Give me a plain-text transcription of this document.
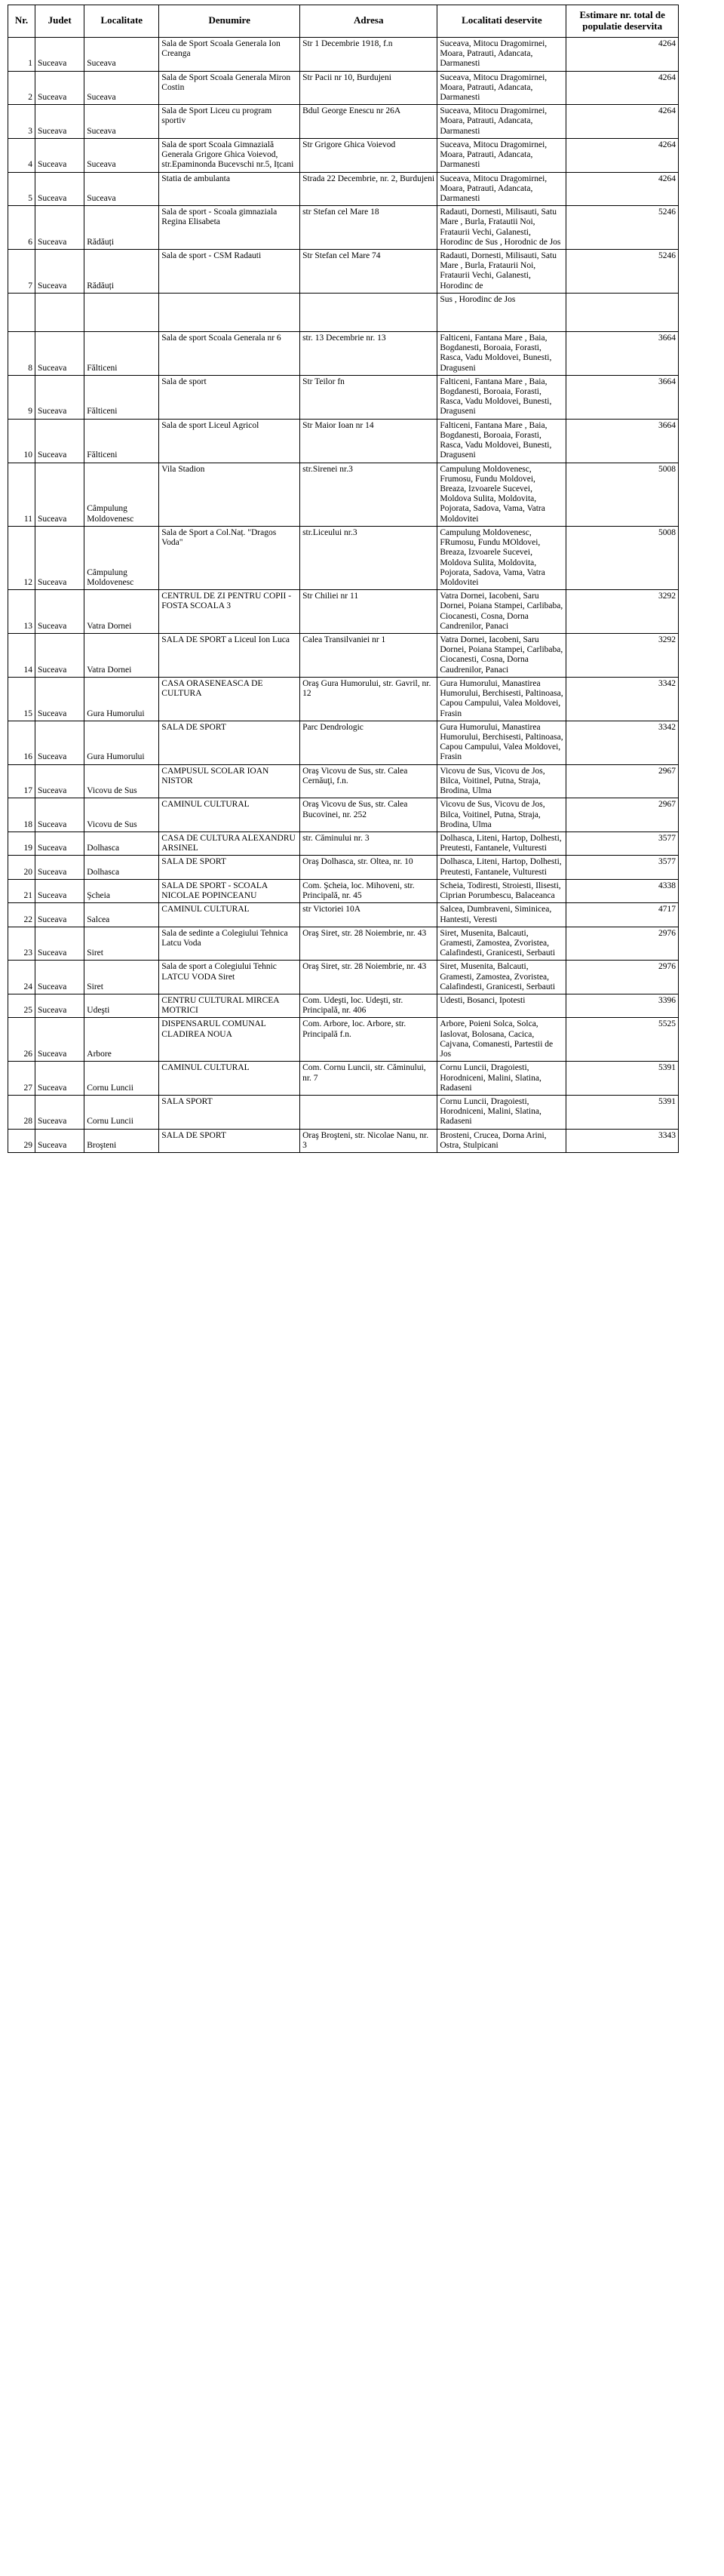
Nr.	Judet	Localitate	Denumire	Adresa	Localitati deservite	Estimare nr. total de populatie deservita
1	Suceava	Suceava	Sala de Sport Scoala Generala Ion Creanga	Str 1 Decembrie 1918, f.n	Suceava, Mitocu Dragomirnei, Moara, Patrauti, Adancata, Darmanesti	4264
2	Suceava	Suceava	Sala de Sport Scoala Generala Miron Costin	Str Pacii nr 10, Burdujeni	Suceava, Mitocu Dragomirnei, Moara, Patrauti, Adancata, Darmanesti	4264
3	Suceava	Suceava	Sala de Sport Liceu cu program sportiv	Bdul George Enescu nr 26A	Suceava, Mitocu Dragomirnei, Moara, Patrauti, Adancata, Darmanesti	4264
4	Suceava	Suceava	Sala de sport Scoala Gimnazială Generala Grigore Ghica Voievod, str.Epaminonda Bucevschi nr.5, Ițcani	Str Grigore Ghica Voievod	Suceava, Mitocu Dragomirnei, Moara, Patrauti, Adancata, Darmanesti	4264
5	Suceava	Suceava	Statia de ambulanta	Strada 22 Decembrie, nr. 2, Burdujeni	Suceava, Mitocu Dragomirnei, Moara, Patrauti, Adancata, Darmanesti	4264
6	Suceava	Rădăuți	Sala de sport - Scoala gimnaziala Regina Elisabeta	str Stefan cel Mare 18	Radauti, Dornesti, Milisauti, Satu Mare , Burla, Fratautii Noi, Frataurii Vechi, Galanesti, Horodinc de Sus , Horodnic de Jos	5246
7	Suceava	Rădăuți	Sala de sport - CSM Radauti	Str Stefan cel Mare 74	Radauti, Dornesti, Milisauti, Satu Mare , Burla, Frataurii Noi, Frataurii Vechi, Galanesti, Horodinc de	5246
					Sus , Horodinc de Jos	
8	Suceava	Fălticeni	Sala de sport Scoala Generala nr 6	str. 13 Decembrie nr. 13	Falticeni, Fantana Mare , Baia, Bogdanesti, Boroaia, Forasti, Rasca, Vadu Moldovei, Bunesti, Draguseni	3664
9	Suceava	Fălticeni	Sala de sport	Str Teilor fn	Falticeni, Fantana Mare , Baia, Bogdanesti, Boroaia, Forasti, Rasca, Vadu Moldovei, Bunesti, Draguseni	3664
10	Suceava	Fălticeni	Sala de sport Liceul Agricol	Str Maior Ioan nr 14	Falticeni, Fantana Mare , Baia, Bogdanesti, Boroaia, Forasti, Rasca, Vadu Moldovei, Bunesti, Draguseni	3664
11	Suceava	Câmpulung Moldovenesc	Vila Stadion	str.Sirenei nr.3	Campulung Moldovenesc, Frumosu, Fundu Moldovei, Breaza, Izvoarele Sucevei, Moldova Sulita, Moldovita, Pojorata, Sadova, Vama, Vatra Moldovitei	5008
12	Suceava	Câmpulung Moldovenesc	Sala de Sport a Col.Naț. "Dragos Voda"	str.Liceului nr.3	Campulung Moldovenesc, FRumosu, Fundu MOldovei, Breaza, Izvoarele Sucevei, Moldova Sulita, Moldovita, Pojorata, Sadova, Vama, Vatra Moldovitei	5008
13	Suceava	Vatra Dornei	CENTRUL DE ZI PENTRU COPII - FOSTA SCOALA 3	Str Chiliei nr 11	Vatra Dornei, Iacobeni, Saru Dornei, Poiana Stampei, Carlibaba, Ciocanesti, Cosna, Dorna Candrenilor, Panaci	3292
14	Suceava	Vatra Dornei	SALA DE SPORT a Liceul Ion Luca	Calea Transilvaniei nr 1	Vatra Dornei, Iacobeni, Saru Dornei, Poiana Stampei, Carlibaba, Ciocanesti, Cosna, Dorna Caudrenilor, Panaci	3292
15	Suceava	Gura Humorului	CASA ORASENEASCA DE CULTURA	Oraş Gura Humorului, str. Gavril, nr. 12	Gura Humorului, Manastirea Humorului, Berchisesti, Paltinoasa, Capou Campului, Valea Moldovei, Frasin	3342
16	Suceava	Gura Humorului	SALA DE SPORT	Parc Dendrologic	Gura Humorului, Manastirea Humorului, Berchisesti, Paltinoasa, Capou Campului, Valea Moldovei, Frasin	3342
17	Suceava	Vicovu de Sus	CAMPUSUL SCOLAR IOAN NISTOR	Oraş Vicovu de Sus, str. Calea Cernăuţi, f.n.	Vicovu de Sus, Vicovu de Jos, Bilca, Voitinel, Putna, Straja, Brodina, Ulma	2967
18	Suceava	Vicovu de Sus	CAMINUL CULTURAL	Oraş Vicovu de Sus, str. Calea Bucovinei, nr. 252	Vicovu de Sus, Vicovu de Jos, Bilca, Voitinel, Putna, Straja, Brodina, Ulma	2967
19	Suceava	Dolhasca	CASA DE CULTURA ALEXANDRU ARSINEL	str. Căminului nr. 3	Dolhasca, Liteni, Hartop, Dolhesti, Preutesti, Fantanele, Vulturesti	3577
20	Suceava	Dolhasca	SALA DE SPORT	Oraş Dolhasca, str. Oltea, nr. 10	Dolhasca, Liteni, Hartop, Dolhesti, Preutesti, Fantanele, Vulturesti	3577
21	Suceava	Şcheia	SALA DE SPORT - SCOALA NICOLAE POPINCEANU	Com. Şcheia, loc. Mihoveni, str. Principală, nr. 45	Scheia, Todiresti, Stroiesti, Ilisesti, Ciprian Porumbescu, Balaceanca	4338
22	Suceava	Salcea	CAMINUL CULTURAL	str Victoriei 10A	Salcea, Dumbraveni, Siminicea, Hantesti, Veresti	4717
23	Suceava	Siret	Sala de sedinte a Colegiului Tehnica Latcu Voda	Oraş Siret, str. 28 Noiembrie, nr. 43	Siret, Musenita, Balcauti, Gramesti, Zamostea, Zvoristea, Calafindesti, Granicesti, Serbauti	2976
24	Suceava	Siret	Sala de sport a Colegiului Tehnic LATCU VODA Siret	Oraş Siret, str. 28 Noiembrie, nr. 43	Siret, Musenita, Balcauti, Gramesti, Zamostea, Zvoristea, Calafindesti, Granicesti, Serbauti	2976
25	Suceava	Udeşti	CENTRU CULTURAL MIRCEA MOTRICI	Com. Udeşti, loc. Udeşti, str. Principală, nr. 406	Udesti, Bosanci, Ipotesti	3396
26	Suceava	Arbore	DISPENSARUL COMUNAL CLADIREA NOUA	Com. Arbore, loc. Arbore, str. Principală f.n.	Arbore, Poieni Solca, Solca, Iaslovat, Bolosana, Cacica, Cajvana, Comanesti, Partestii de Jos	5525
27	Suceava	Cornu Luncii	CAMINUL CULTURAL	Com. Cornu Luncii, str. Căminului, nr. 7	Cornu Luncii, Dragoiesti, Horodniceni, Malini, Slatina, Radaseni	5391
28	Suceava	Cornu Luncii	SALA SPORT		Cornu Luncii, Dragoiesti, Horodniceni, Malini, Slatina, Radaseni	5391
29	Suceava	Broşteni	SALA DE SPORT	Oraş Broşteni, str. Nicolae Nanu, nr. 3	Brosteni, Crucea, Dorna Arini, Ostra, Stulpicani	3343
